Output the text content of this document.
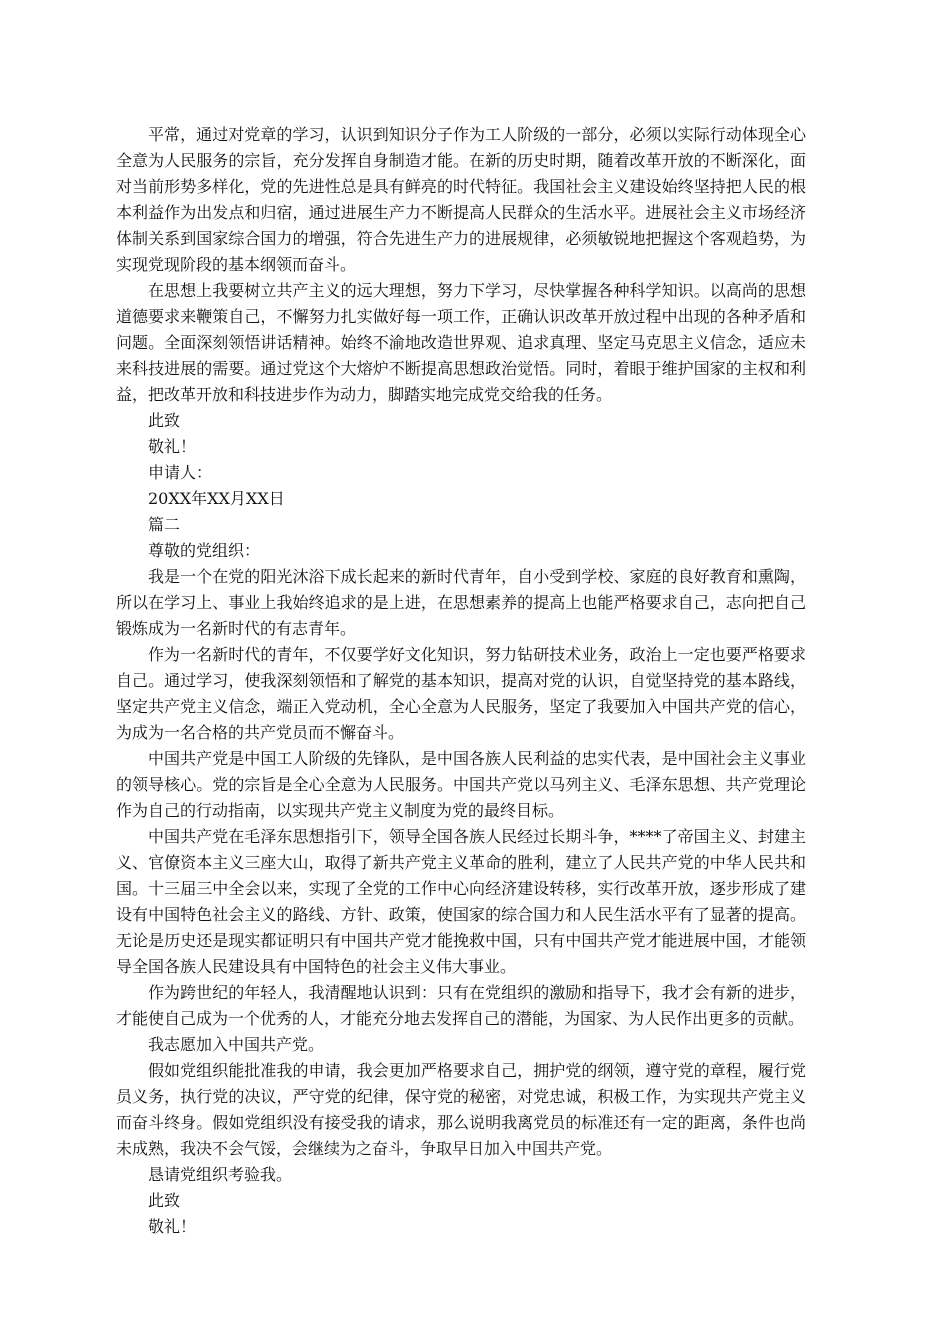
平常，通过对党章的学习，认识到知识分子作为工人阶级的一部分，必须以实际行动体现全心全意为人民服务的宗旨，充分发挥自身制造才能。在新的历史时期，随着改革开放的不断深化，面对当前形势多样化，党的先进性总是具有鲜亮的时代特征。我国社会主义建设始终坚持把人民的根本利益作为出发点和归宿，通过进展生产力不断提高人民群众的生活水平。进展社会主义市场经济体制关系到国家综合国力的增强，符合先进生产力的进展规律，必须敏锐地把握这个客观趋势，为实现党现阶段的基本纲领而奋斗。

在思想上我要树立共产主义的远大理想，努力下学习，尽快掌握各种科学知识。以高尚的思想道德要求来鞭策自己，不懈努力扎实做好每一项工作，正确认识改革开放过程中出现的各种矛盾和问题。全面深刻领悟讲话精神。始终不渝地改造世界观、追求真理、坚定马克思主义信念，适应未来科技进展的需要。通过党这个大熔炉不断提高思想政治觉悟。同时，着眼于维护国家的主权和利益，把改革开放和科技进步作为动力，脚踏实地完成党交给我的任务。

此致

敬礼！

申请人：

20XX年XX月XX日

篇二

尊敬的党组织：

我是一个在党的阳光沐浴下成长起来的新时代青年，自小受到学校、家庭的良好教育和熏陶，所以在学习上、事业上我始终追求的是上进，在思想素养的提高上也能严格要求自己，志向把自己锻炼成为一名新时代的有志青年。

作为一名新时代的青年，不仅要学好文化知识，努力钻研技术业务，政治上一定也要严格要求自己。通过学习，使我深刻领悟和了解党的基本知识，提高对党的认识，自觉坚持党的基本路线，坚定共产党主义信念，端正入党动机，全心全意为人民服务，坚定了我要加入中国共产党的信心，为成为一名合格的共产党员而不懈奋斗。

中国共产党是中国工人阶级的先锋队，是中国各族人民利益的忠实代表，是中国社会主义事业的领导核心。党的宗旨是全心全意为人民服务。中国共产党以马列主义、毛泽东思想、共产党理论作为自己的行动指南，以实现共产党主义制度为党的最终目标。

中国共产党在毛泽东思想指引下，领导全国各族人民经过长期斗争，****了帝国主义、封建主义、官僚资本主义三座大山，取得了新共产党主义革命的胜利，建立了人民共产党的中华人民共和国。十三届三中全会以来，实现了全党的工作中心向经济建设转移，实行改革开放，逐步形成了建设有中国特色社会主义的路线、方针、政策，使国家的综合国力和人民生活水平有了显著的提高。无论是历史还是现实都证明只有中国共产党才能挽救中国，只有中国共产党才能进展中国，才能领导全国各族人民建设具有中国特色的社会主义伟大事业。

作为跨世纪的年轻人，我清醒地认识到：只有在党组织的激励和指导下，我才会有新的进步，才能使自己成为一个优秀的人，才能充分地去发挥自己的潜能，为国家、为人民作出更多的贡献。

我志愿加入中国共产党。

假如党组织能批准我的申请，我会更加严格要求自己，拥护党的纲领，遵守党的章程，履行党员义务，执行党的决议，严守党的纪律，保守党的秘密，对党忠诚，积极工作，为实现共产党主义而奋斗终身。假如党组织没有接受我的请求，那么说明我离党员的标准还有一定的距离，条件也尚未成熟，我决不会气馁，会继续为之奋斗，争取早日加入中国共产党。

恳请党组织考验我。

此致

敬礼！
